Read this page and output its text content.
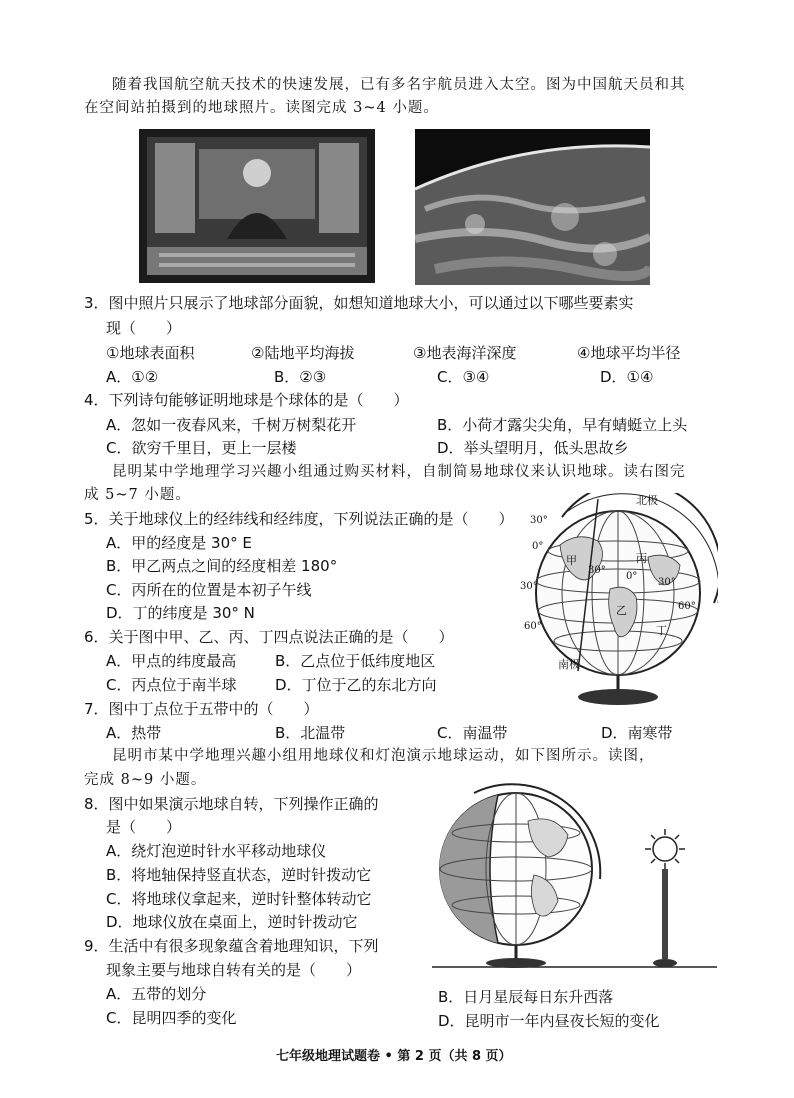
随着我国航空航天技术的快速发展，已有多名宇航员进入太空。图为中国航天员和其
在空间站拍摄到的地球照片。读图完成 3~4 小题。
3．图中照片只展示了地球部分面貌，如想知道地球大小，可以通过以下哪些要素实
现（　　）
①地球表面积	②陆地平均海拔	③地表海洋深度	④地球平均半径
A．①②	B．②③	C．③④	D．①④
4．下列诗句能够证明地球是个球体的是（　　）
A．忽如一夜春风来，千树万树梨花开	B．小荷才露尖尖角，早有蜻蜓立上头
C．欲穷千里目，更上一层楼	D．举头望明月，低头思故乡
昆明某中学地理学习兴趣小组通过购买材料，自制简易地球仪来认识地球。读右图完
成 5~7 小题。	北极
南极
30°
0°
30°
60°
30°
0°
30°
60°
甲
乙
丙
丁
5．关于地球仪上的经纬线和经纬度，下列说法正确的是（　　）
A．甲的经度是 30° E
B．甲乙两点之间的经度相差 180°
C．丙所在的位置是本初子午线
D．丁的纬度是 30° N
6．关于图中甲、乙、丙、丁四点说法正确的是（　　）
A．甲点的纬度最高	B．乙点位于低纬度地区
C．丙点位于南半球	D．丁位于乙的东北方向
7．图中丁点位于五带中的（　　）
A．热带	B．北温带	C．南温带	D．南寒带
昆明市某中学地理兴趣小组用地球仪和灯泡演示地球运动，如下图所示。读图，
完成 8~9 小题。
8．图中如果演示地球自转，下列操作正确的
是（　　）
A．绕灯泡逆时针水平移动地球仪
B．将地轴保持竖直状态，逆时针拨动它
C．将地球仪拿起来，逆时针整体转动它
D．地球仪放在桌面上，逆时针拨动它
9．生活中有很多现象蕴含着地理知识，下列
现象主要与地球自转有关的是（　　）
A．五带的划分	B．日月星辰每日东升西落
C．昆明四季的变化	D．昆明市一年内昼夜长短的变化
七年级地理试题卷 • 第 2 页（共 8 页）
